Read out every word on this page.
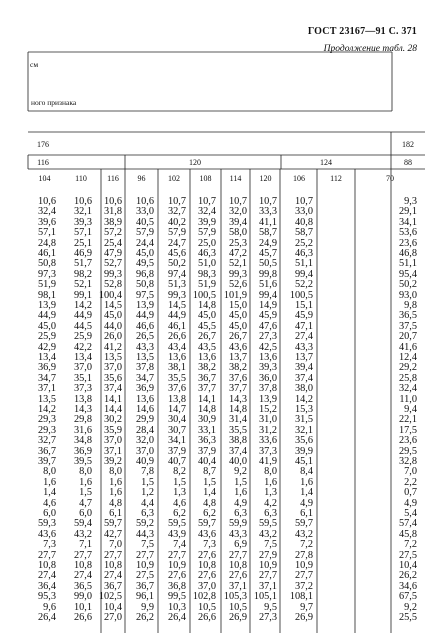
ГОСТ 23167—91 С. 371
Продолжение табл. 28
см
ного признака
176	182
116	120	124	88
104	110	116	96	102	108	114	120	106	112	70
10,6 10,6 10,6 10,6 10,7 10,7 10,7 10,7 10,7	9,3
32,4 32,1 31,8 33,0 32,7 32,4 32,0 33,3 33,0	29,1
39,6 39,3 38,9 40,5 40,2 39,9 39,4 41,1 40,8	34,1
57,1 57,1 57,2 57,9 57,9 57,9 58,0 58,7 58,7	53,6
24,8 25,1 25,4 24,4 24,7 25,0 25,3 24,9 25,2	23,6
46,1 46,9 47,9 45,0 45,6 46,3 47,2 45,7 46,3	46,8
50,8 51,7 52,7 49,5 50,2 51,0 52,1 50,5 51,1	51,1
97,3 98,2 99,3 96,8 97,4 98,3 99,3 99,8 99,4	95,4
51,9 52,1 52,8 50,8 51,3 51,9 52,6 51,6 52,2	50,2
98,1 99,1 100,4 97,5 99,3 100,5 101,9 99,4 100,5	93,0
13,9 14,2 14,5 13,9 14,5 14,8 15,0 14,9 15,1	9,8
44,9 44,9 45,0 44,9 44,9 45,0 45,0 45,9 45,9	36,5
45,0 44,5 44,0 46,6 46,1 45,5 45,0 47,6 47,1	37,5
25,9 25,9 26,0 26,5 26,6 26,7 26,7 27,3 27,4	20,7
42,9 42,2 41,2 43,3 43,4 43,5 43,6 42,5 43,3	41,6
13,4 13,4 13,5 13,5 13,6 13,6 13,7 13,6 13,7	12,4
36,9 37,0 37,0 37,8 38,1 38,2 38,2 39,3 39,4	29,2
34,7 35,1 35,6 34,7 35,5 36,7 37,6 36,0 37,4	25,8
37,1 37,3 37,4 36,9 37,6 37,7 37,7 37,8 38,0	32,4
13,5 13,8 14,1 13,6 13,8 14,1 14,3 13,9 14,2	11,0
14,2 14,3 14,4 14,6 14,7 14,8 14,8 15,2 15,3	9,4
29,3 29,8 30,2 29,9 30,4 30,9 31,4 31,0 31,5	22,1
29,3 31,6 35,9 28,4 30,7 33,1 35,5 31,2 32,1	17,5
32,7 34,8 37,0 32,0 34,1 36,3 38,8 33,6 35,6	23,6
36,7 36,9 37,1 37,0 37,9 37,9 37,4 37,3 39,9	29,5
39,7 39,5 39,2 40,9 40,7 40,4 40,0 41,9 45,1	32,8
8,0 8,0 8,0 7,8 8,2 8,7 9,2 8,0 8,4	7,0
1,6 1,6 1,6 1,5 1,5 1,5 1,5 1,6 1,6	2,2
1,4 1,5 1,6 1,2 1,3 1,4 1,6 1,3 1,4	0,7
4,6 4,7 4,8 4,4 4,6 4,8 4,9 4,2 4,9	4,9
6,0 6,0 6,1 6,3 6,2 6,2 6,3 6,3 6,1	5,4
59,3 59,4 59,7 59,2 59,5 59,7 59,9 59,5 59,7	57,4
43,6 43,2 42,7 44,3 43,9 43,6 43,3 43,2 43,2	45,8
7,3 7,1 7,0 7,5 7,4 7,3 6,9 7,5 7,2	7,2
27,7 27,7 27,7 27,7 27,7 27,6 27,7 27,9 27,8	27,5
10,8 10,8 10,8 10,9 10,9 10,8 10,8 10,9 10,9	10,4
27,4 27,4 27,4 27,5 27,6 27,6 27,6 27,7 27,7	26,2
36,4 36,5 36,7 36,7 36,8 37,0 37,1 37,1 37,2	34,6
95,3 99,0 102,5 96,1 99,5 102,8 105,3 105,1 108,1	67,5
9,6 10,1 10,4 9,9 10,3 10,5 10,5 9,5 9,7	9,2
26,4 26,6 27,0 26,2 26,4 26,6 26,9 27,3 26,9	25,5
